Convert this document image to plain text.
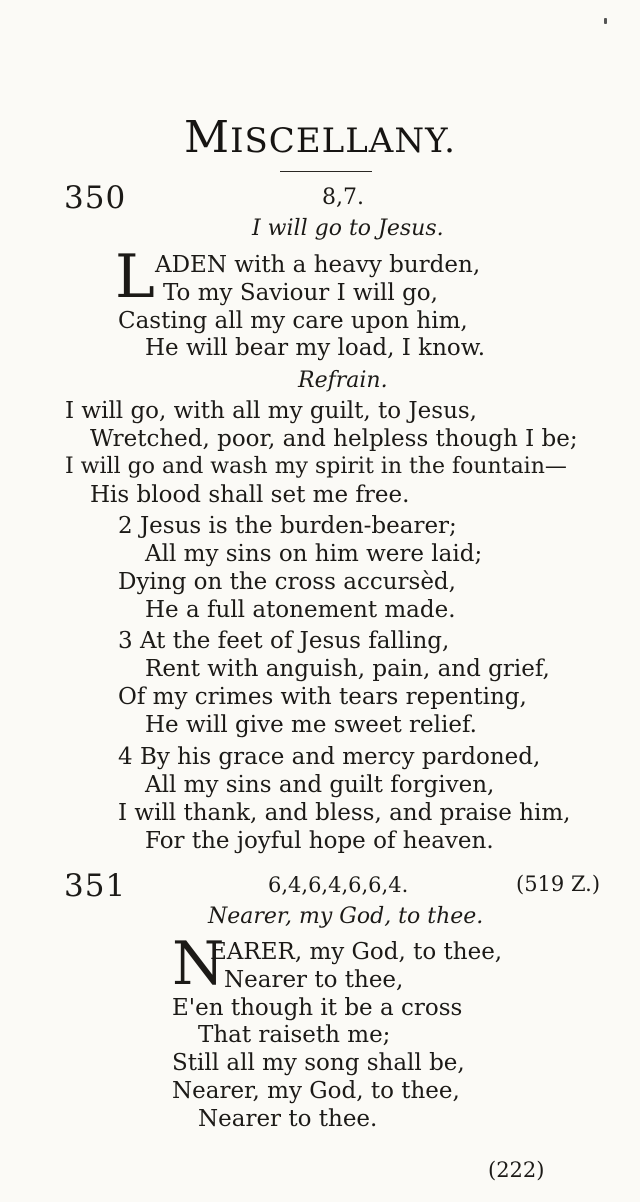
MISCELLANY.
350	8,7.
I will go to Jesus.
L ADEN with a heavy burden,
To my Saviour I will go,
Casting all my care upon him,
He will bear my load, I know.
Refrain.
I will go, with all my guilt, to Jesus,
Wretched, poor, and helpless though I be;
I will go and wash my spirit in the fountain—
His blood shall set me free.
2 Jesus is the burden-bearer;
All my sins on him were laid;
Dying on the cross accursèd,
He a full atonement made.
3 At the feet of Jesus falling,
Rent with anguish, pain, and grief,
Of my crimes with tears repenting,
He will give me sweet relief.
4 By his grace and mercy pardoned,
All my sins and guilt forgiven,
I will thank, and bless, and praise him,
For the joyful hope of heaven.
351	6,4,6,4,6,6,4.	(519 Z.)
Nearer, my God, to thee.
N
EARER, my God, to thee,
Nearer to thee,
E'en though it be a cross
That raiseth me;
Still all my song shall be,
Nearer, my God, to thee,
Nearer to thee.
(222)
